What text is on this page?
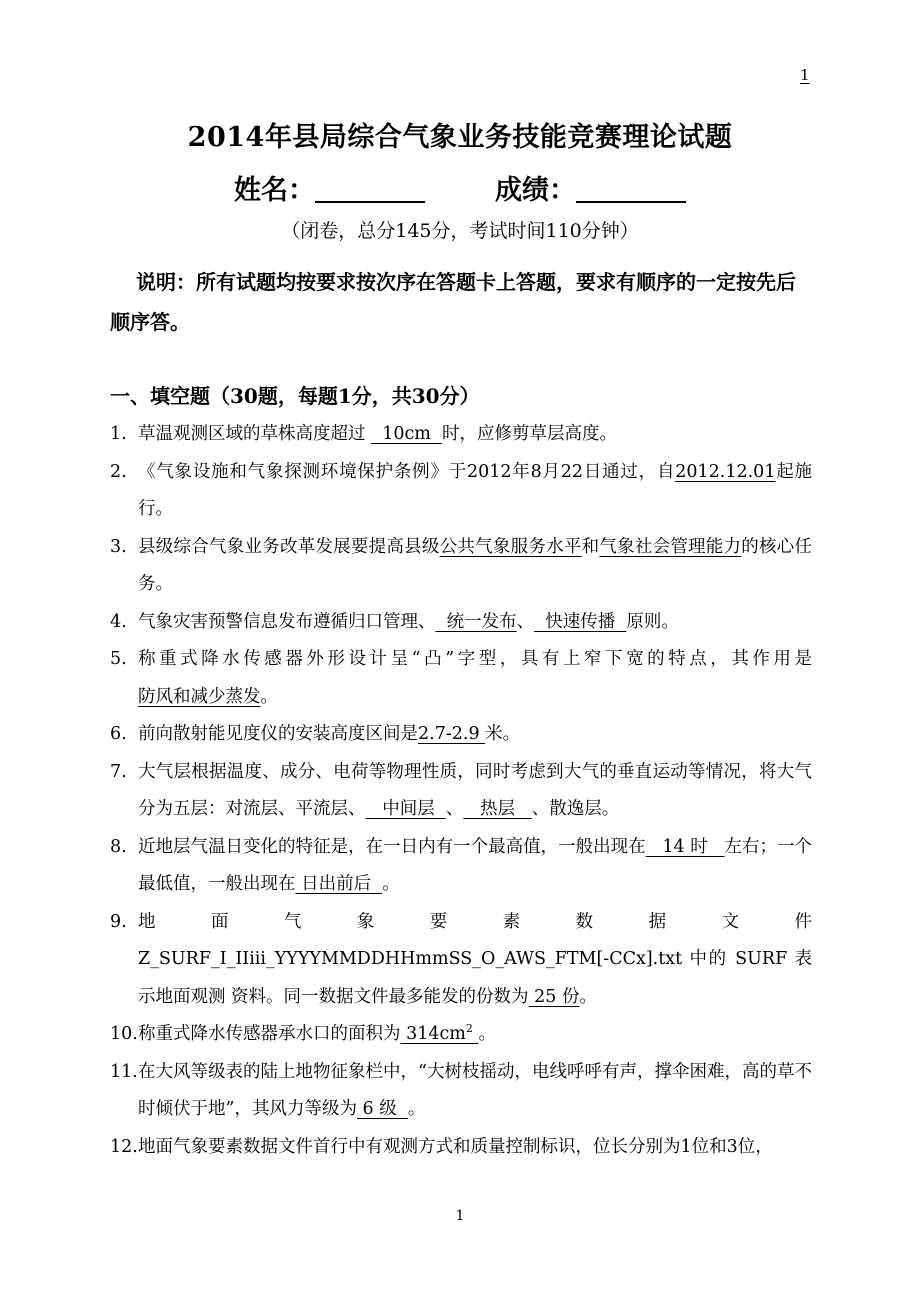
1
2014年县局综合气象业务技能竞赛理论试题
姓名：	成绩：
（闭卷，总分145分，考试时间110分钟）
说明：所有试题均按要求按次序在答题卡上答题，要求有顺序的一定按先后顺序答。
一、填空题（30题，每题1分，共30分）
1. 草温观测区域的草株高度超过   10cm  时，应修剪草层高度。
2. 《气象设施和气象探测环境保护条例》于2012年8月22日通过，自2012.12.01起施行。
3. 县级综合气象业务改革发展要提高县级公共气象服务水平和气象社会管理能力的核心任务。
4. 气象灾害预警信息发布遵循归口管理、  统一发布、  快速传播  原则。
5. 称重式降水传感器外形设计呈“凸”字型，具有上窄下宽的特点，其作用是防风和减少蒸发。
6. 前向散射能见度仪的安装高度区间是2.7-2.9 米。
7. 大气层根据温度、成分、电荷等物理性质，同时考虑到大气的垂直运动等情况，将大气分为五层：对流层、平流层、   中间层  、   热层   、散逸层。
8. 近地层气温日变化的特征是，在一日内有一个最高值，一般出现在   14 时   左右；一个最低值，一般出现在 日出前后  。
9. 地	面	气	象	要	素	数	据	文	件
Z_SURF_I_IIiii_YYYYMMDDHHmmSS_O_AWS_FTM[-CCx].txt 中的 SURF 表示地面观测 资料。同一数据文件最多能发的份数为 25 份。
10. 称重式降水传感器承水口的面积为 $314cm^2$ 。
11. 在大风等级表的陆上地物征象栏中，“大树枝摇动，电线呼呼有声，撑伞困难，高的草不时倾伏于地”，其风力等级为 6 级  。
12. 地面气象要素数据文件首行中有观测方式和质量控制标识，位长分别为1位和3位，
1
